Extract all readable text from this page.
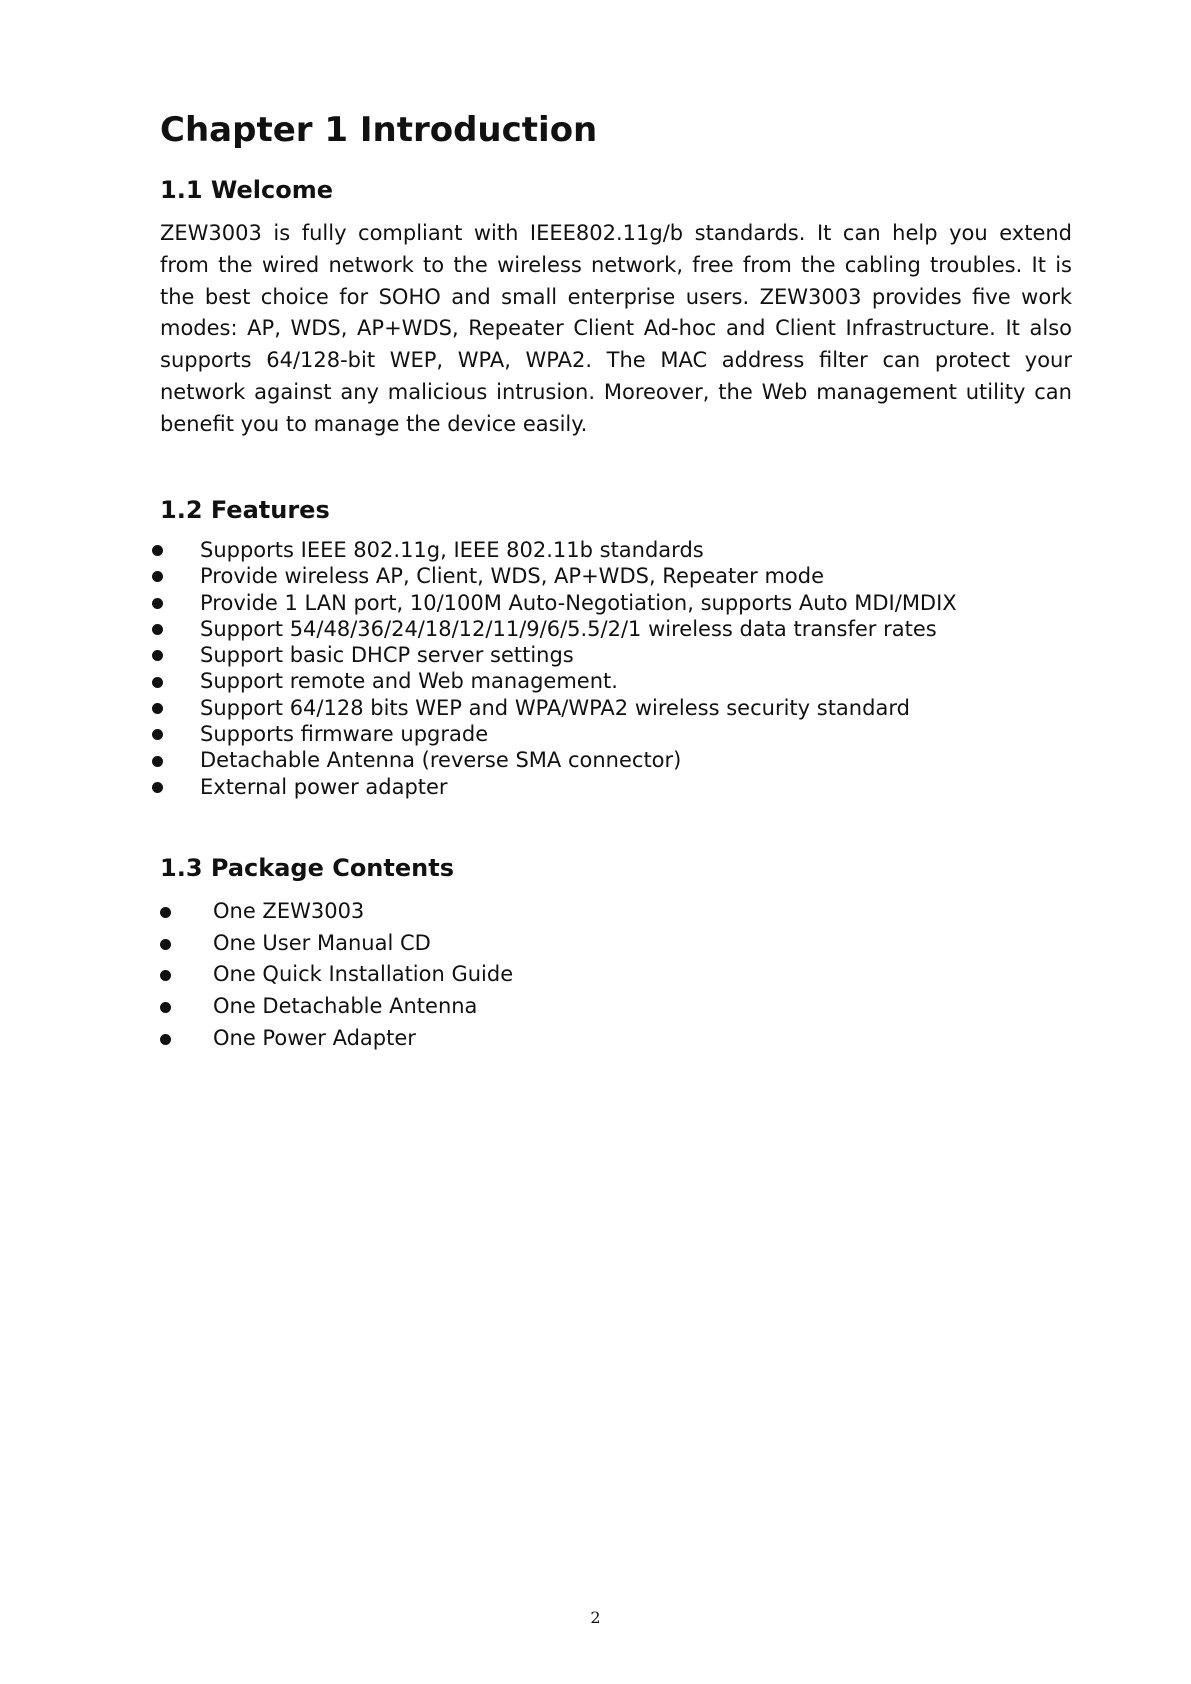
Chapter 1 Introduction
1.1 Welcome

ZEW3003 is fully compliant with IEEE802.11g/b standards. It can help you extend from the wired network to the wireless network, free from the cabling troubles. It is the best choice for SOHO and small enterprise users. ZEW3003 provides five work modes: AP, WDS, AP+WDS, Repeater Client Ad-hoc and Client Infrastructure. It also supports 64/128-bit WEP, WPA, WPA2. The MAC address filter can protect your network against any malicious intrusion. Moreover, the Web management utility can benefit you to manage the device easily.

1.2 Features
Supports IEEE 802.11g, IEEE 802.11b standards
Provide wireless AP, Client, WDS, AP+WDS, Repeater mode
Provide 1 LAN port, 10/100M Auto-Negotiation, supports Auto MDI/MDIX
Support 54/48/36/24/18/12/11/9/6/5.5/2/1 wireless data transfer rates
Support basic DHCP server settings
Support remote and Web management.
Support 64/128 bits WEP and WPA/WPA2 wireless security standard
Supports firmware upgrade
Detachable Antenna (reverse SMA connector)
External power adapter
1.3 Package Contents
One ZEW3003
One User Manual CD
One Quick Installation Guide
One Detachable Antenna
One Power Adapter

2
